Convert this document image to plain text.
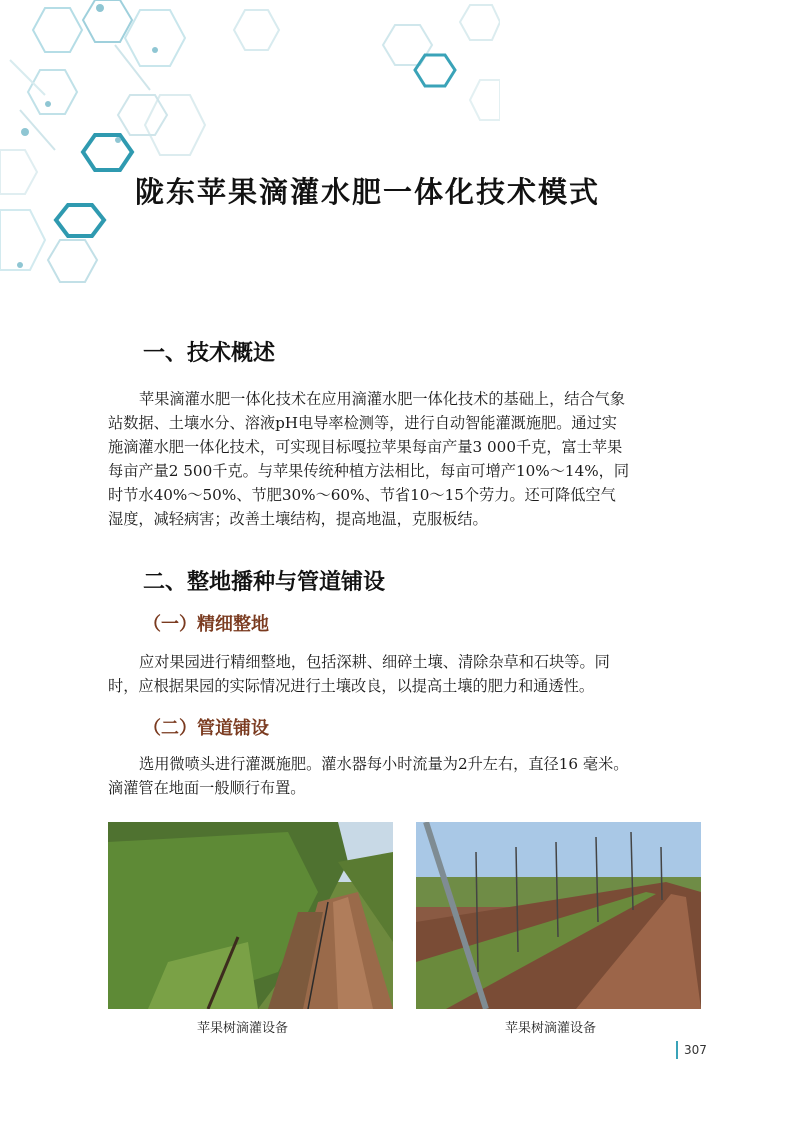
陇东苹果滴灌水肥一体化技术模式
一、技术概述
苹果滴灌水肥一体化技术在应用滴灌水肥一体化技术的基础上，结合气象
站数据、土壤水分、溶液pH电导率检测等，进行自动智能灌溉施肥。通过实
施滴灌水肥一体化技术，可实现目标嘎拉苹果每亩产量3 000千克，富士苹果
每亩产量2 500千克。与苹果传统种植方法相比，每亩可增产10%～14%，同
时节水40%～50%、节肥30%～60%、节省10～15个劳力。还可降低空气
湿度，减轻病害；改善土壤结构，提高地温，克服板结。
二、整地播种与管道铺设
（一）精细整地
应对果园进行精细整地，包括深耕、细碎土壤、清除杂草和石块等。同
时，应根据果园的实际情况进行土壤改良，以提高土壤的肥力和通透性。
（二）管道铺设
选用微喷头进行灌溉施肥。灌水器每小时流量为2升左右，直径16 毫米。
滴灌管在地面一般顺行布置。
苹果树滴灌设备	苹果树滴灌设备
307
